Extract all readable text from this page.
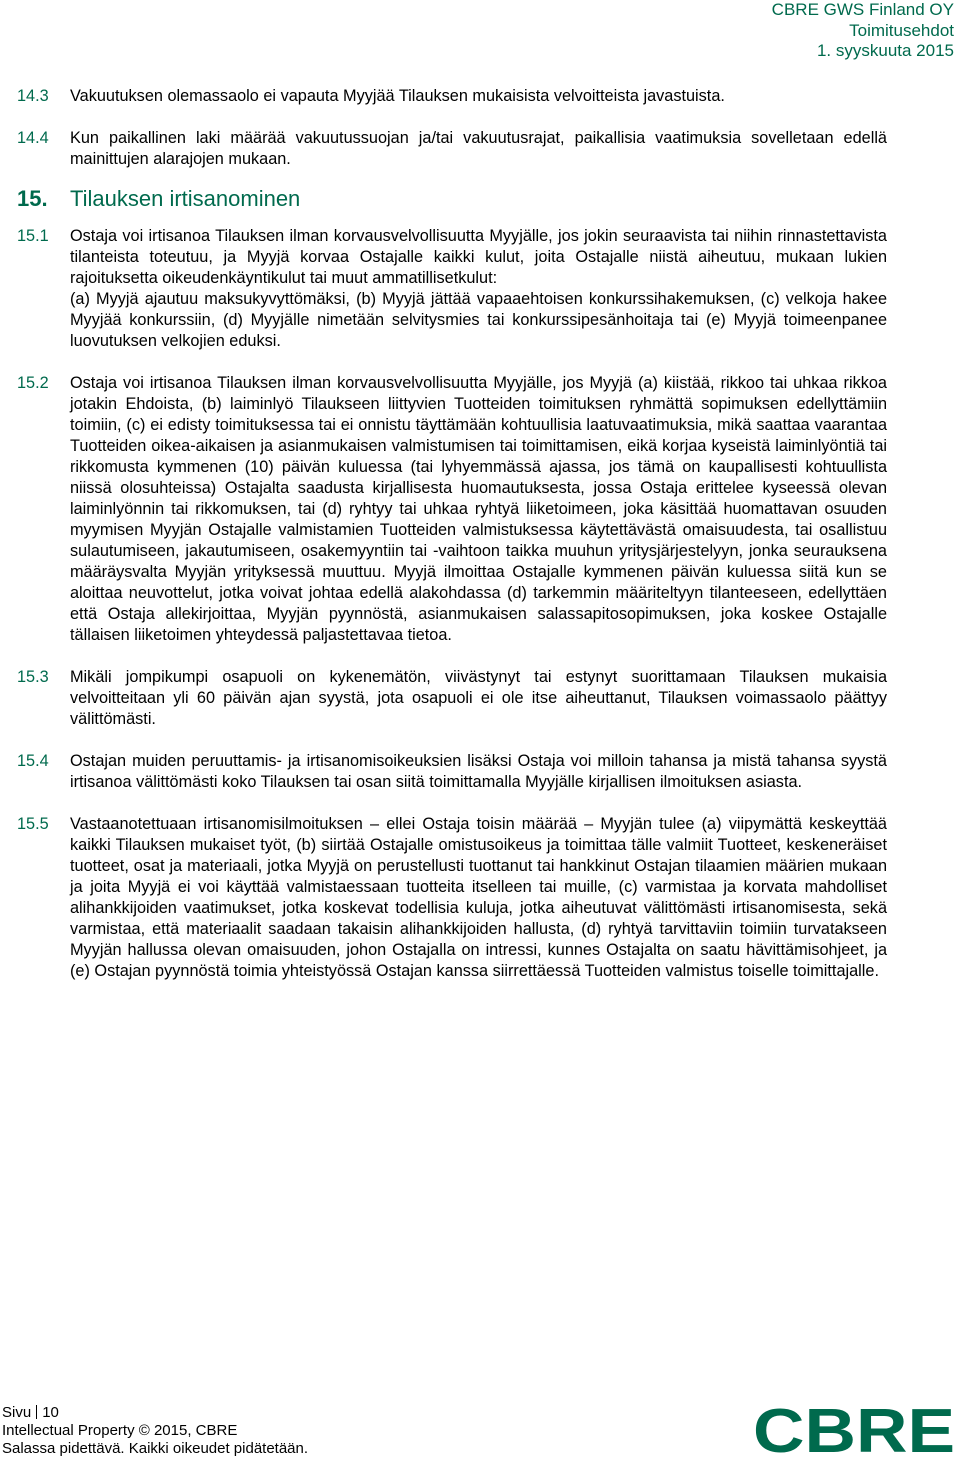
CBRE GWS Finland OY
Toimitusehdot
1. syyskuuta 2015
14.3 Vakuutuksen olemassaolo ei vapauta Myyjää Tilauksen mukaisista velvoitteista javastuista.
14.4 Kun paikallinen laki määrää vakuutussuojan ja/tai vakuutusrajat, paikallisia vaatimuksia sovelletaan edellä mainittujen alarajojen mukaan.
15. Tilauksen irtisanominen
15.1 Ostaja voi irtisanoa Tilauksen ilman korvausvelvollisuutta Myyjälle, jos jokin seuraavista tai niihin rinnastettavista tilanteista toteutuu, ja Myyjä korvaa Ostajalle kaikki kulut, joita Ostajalle niistä aiheutuu, mukaan lukien rajoituksetta oikeudenkäyntikulut tai muut ammatillisetkulut:
(a) Myyjä ajautuu maksukyvyttömäksi, (b) Myyjä jättää vapaaehtoisen konkurssihakemuksen, (c) velkoja hakee Myyjää konkurssiin, (d) Myyjälle nimetään selvitysmies tai konkurssipesänhoitaja tai (e) Myyjä toimeenpanee luovutuksen velkojien eduksi.
15.2 Ostaja voi irtisanoa Tilauksen ilman korvausvelvollisuutta Myyjälle, jos Myyjä (a) kiistää, rikkoo tai uhkaa rikkoa jotakin Ehdoista, (b) laiminlyö Tilaukseen liittyvien Tuotteiden toimituksen ryhmättä sopimuksen edellyttämiin toimiin, (c) ei edisty toimituksessa tai ei onnistu täyttämään kohtuullisia laatuvaatimuksia, mikä saattaa vaarantaa Tuotteiden oikea-aikaisen ja asianmukaisen valmistumisen tai toimittamisen, eikä korjaa kyseistä laiminlyöntiä tai rikkomusta kymmenen (10) päivän kuluessa (tai lyhyemmässä ajassa, jos tämä on kaupallisesti kohtuullista niissä olosuhteissa) Ostajalta saadusta kirjallisesta huomautuksesta, jossa Ostaja erittelee kyseessä olevan laiminlyönnin tai rikkomuksen, tai (d) ryhtyy tai uhkaa ryhtyä liiketoimeen, joka käsittää huomattavan osuuden myymisen Myyjän Ostajalle valmistamien Tuotteiden valmistuksessa käytettävästä omaisuudesta, tai osallistuu sulautumiseen, jakautumiseen, osakemyyntiin tai -vaihtoon taikka muuhun yritysjärjestelyyn, jonka seurauksena määräysvalta Myyjän yrityksessä muuttuu. Myyjä ilmoittaa Ostajalle kymmenen päivän kuluessa siitä kun se aloittaa neuvottelut, jotka voivat johtaa edellä alakohdassa (d) tarkemmin määriteltyyn tilanteeseen, edellyttäen että Ostaja allekirjoittaa, Myyjän pyynnöstä, asianmukaisen salassapitosopimuksen, joka koskee Ostajalle tällaisen liiketoimen yhteydessä paljastettavaa tietoa.
15.3 Mikäli jompikumpi osapuoli on kykenemätön, viivästynyt tai estynyt suorittamaan Tilauksen mukaisia velvoitteitaan yli 60 päivän ajan syystä, jota osapuoli ei ole itse aiheuttanut, Tilauksen voimassaolo päättyy välittömästi.
15.4 Ostajan muiden peruuttamis- ja irtisanomisoikeuksien lisäksi Ostaja voi milloin tahansa ja mistä tahansa syystä irtisanoa välittömästi koko Tilauksen tai osan siitä toimittamalla Myyjälle kirjallisen ilmoituksen asiasta.
15.5 Vastaanotettuaan irtisanomisilmoituksen – ellei Ostaja toisin määrää – Myyjän tulee (a) viipymättä keskeyttää kaikki Tilauksen mukaiset työt, (b) siirtää Ostajalle omistusoikeus ja toimittaa tälle valmiit Tuotteet, keskeneräiset tuotteet, osat ja materiaali, jotka Myyjä on perustellusti tuottanut tai hankkinut Ostajan tilaamien määrien mukaan ja joita Myyjä ei voi käyttää valmistaessaan tuotteita itselleen tai muille, (c) varmistaa ja korvata mahdolliset alihankkijoiden vaatimukset, jotka koskevat todellisia kuluja, jotka aiheutuvat välittömästi irtisanomisesta, sekä varmistaa, että materiaalit saadaan takaisin alihankkijoiden hallusta, (d) ryhtyä tarvittaviin toimiin turvatakseen Myyjän hallussa olevan omaisuuden, johon Ostajalla on intressi, kunnes Ostajalta on saatu hävittämisohjeet, ja (e) Ostajan pyynnöstä toimia yhteistyössä Ostajan kanssa siirrettäessä Tuotteiden valmistus toiselle toimittajalle.
Sivu 10
Intellectual Property © 2015, CBRE
Salassa pidettävä. Kaikki oikeudet pidätetään.	CBRE
